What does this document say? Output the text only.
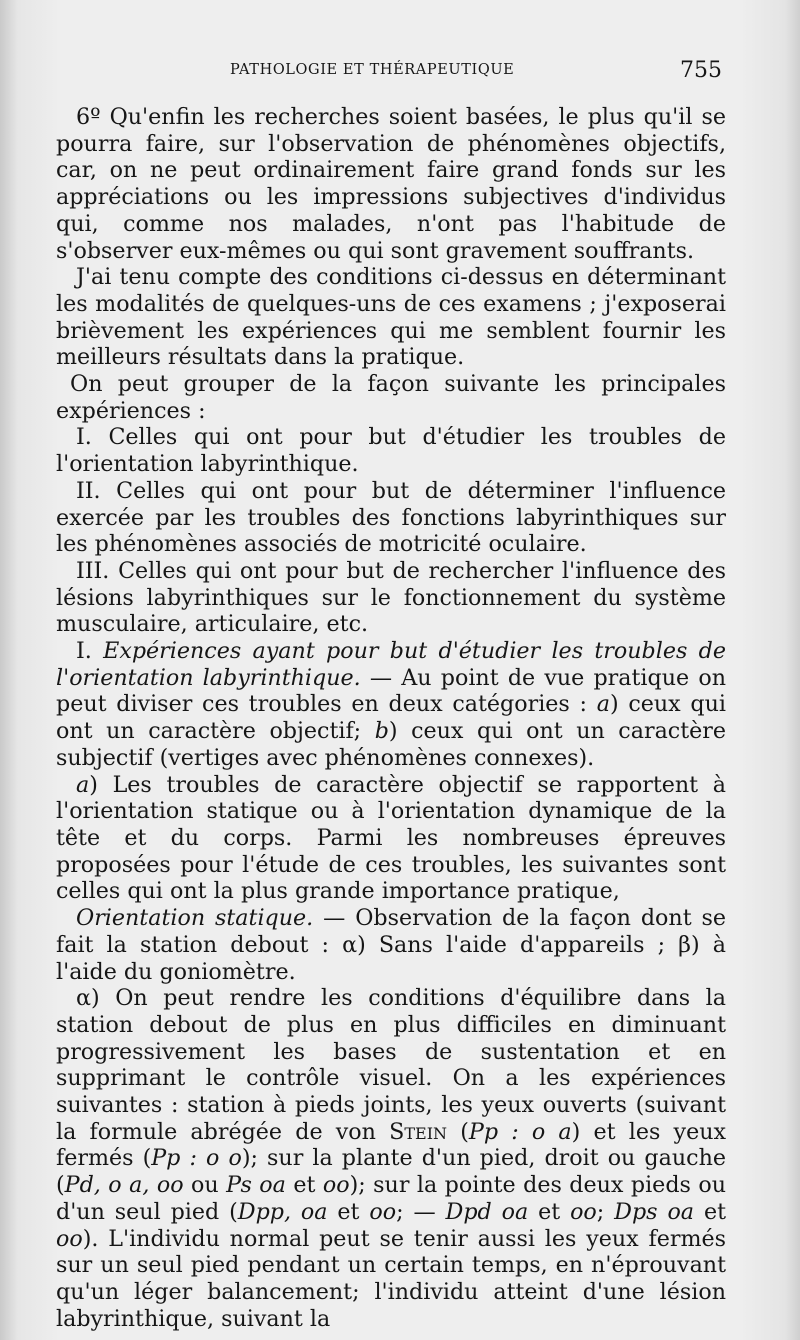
PATHOLOGIE ET THÉRAPEUTIQUE	755

6º Qu'enfin les recherches soient basées, le plus qu'il se pourra faire, sur l'observation de phénomènes objectifs, car, on ne peut ordinairement faire grand fonds sur les appréciations ou les impressions subjectives d'individus qui, comme nos malades, n'ont pas l'habitude de s'observer eux-mêmes ou qui sont gravement souffrants.

J'ai tenu compte des conditions ci-dessus en déterminant les modalités de quelques-uns de ces examens ; j'exposerai brièvement les expériences qui me semblent fournir les meilleurs résultats dans la pratique.

On peut grouper de la façon suivante les principales expériences :

I. Celles qui ont pour but d'étudier les troubles de l'orientation labyrinthique.

II. Celles qui ont pour but de déterminer l'influence exercée par les troubles des fonctions labyrinthiques sur les phénomènes associés de motricité oculaire.

III. Celles qui ont pour but de rechercher l'influence des lésions labyrinthiques sur le fonctionnement du système musculaire, articulaire, etc.

I. Expériences ayant pour but d'étudier les troubles de l'orientation labyrinthique. — Au point de vue pratique on peut diviser ces troubles en deux catégories : a) ceux qui ont un caractère objectif; b) ceux qui ont un caractère subjectif (vertiges avec phénomènes connexes).

a) Les troubles de caractère objectif se rapportent à l'orientation statique ou à l'orientation dynamique de la tête et du corps. Parmi les nombreuses épreuves proposées pour l'étude de ces troubles, les suivantes sont celles qui ont la plus grande importance pratique,

Orientation statique. — Observation de la façon dont se fait la station debout : α) Sans l'aide d'appareils ; β) à l'aide du goniomètre.

α) On peut rendre les conditions d'équilibre dans la station debout de plus en plus difficiles en diminuant progressivement les bases de sustentation et en supprimant le contrôle visuel. On a les expériences suivantes : station à pieds joints, les yeux ouverts (suivant la formule abrégée de von Stein (Pp : o a) et les yeux fermés (Pp : o o); sur la plante d'un pied, droit ou gauche (Pd, o a, oo ou Ps oa et oo); sur la pointe des deux pieds ou d'un seul pied (Dpp, oa et oo; — Dpd oa et oo; Dps oa et oo). L'individu normal peut se tenir aussi les yeux fermés sur un seul pied pendant un certain temps, en n'éprouvant qu'un léger balancement; l'individu atteint d'une lésion labyrinthique, suivant la
